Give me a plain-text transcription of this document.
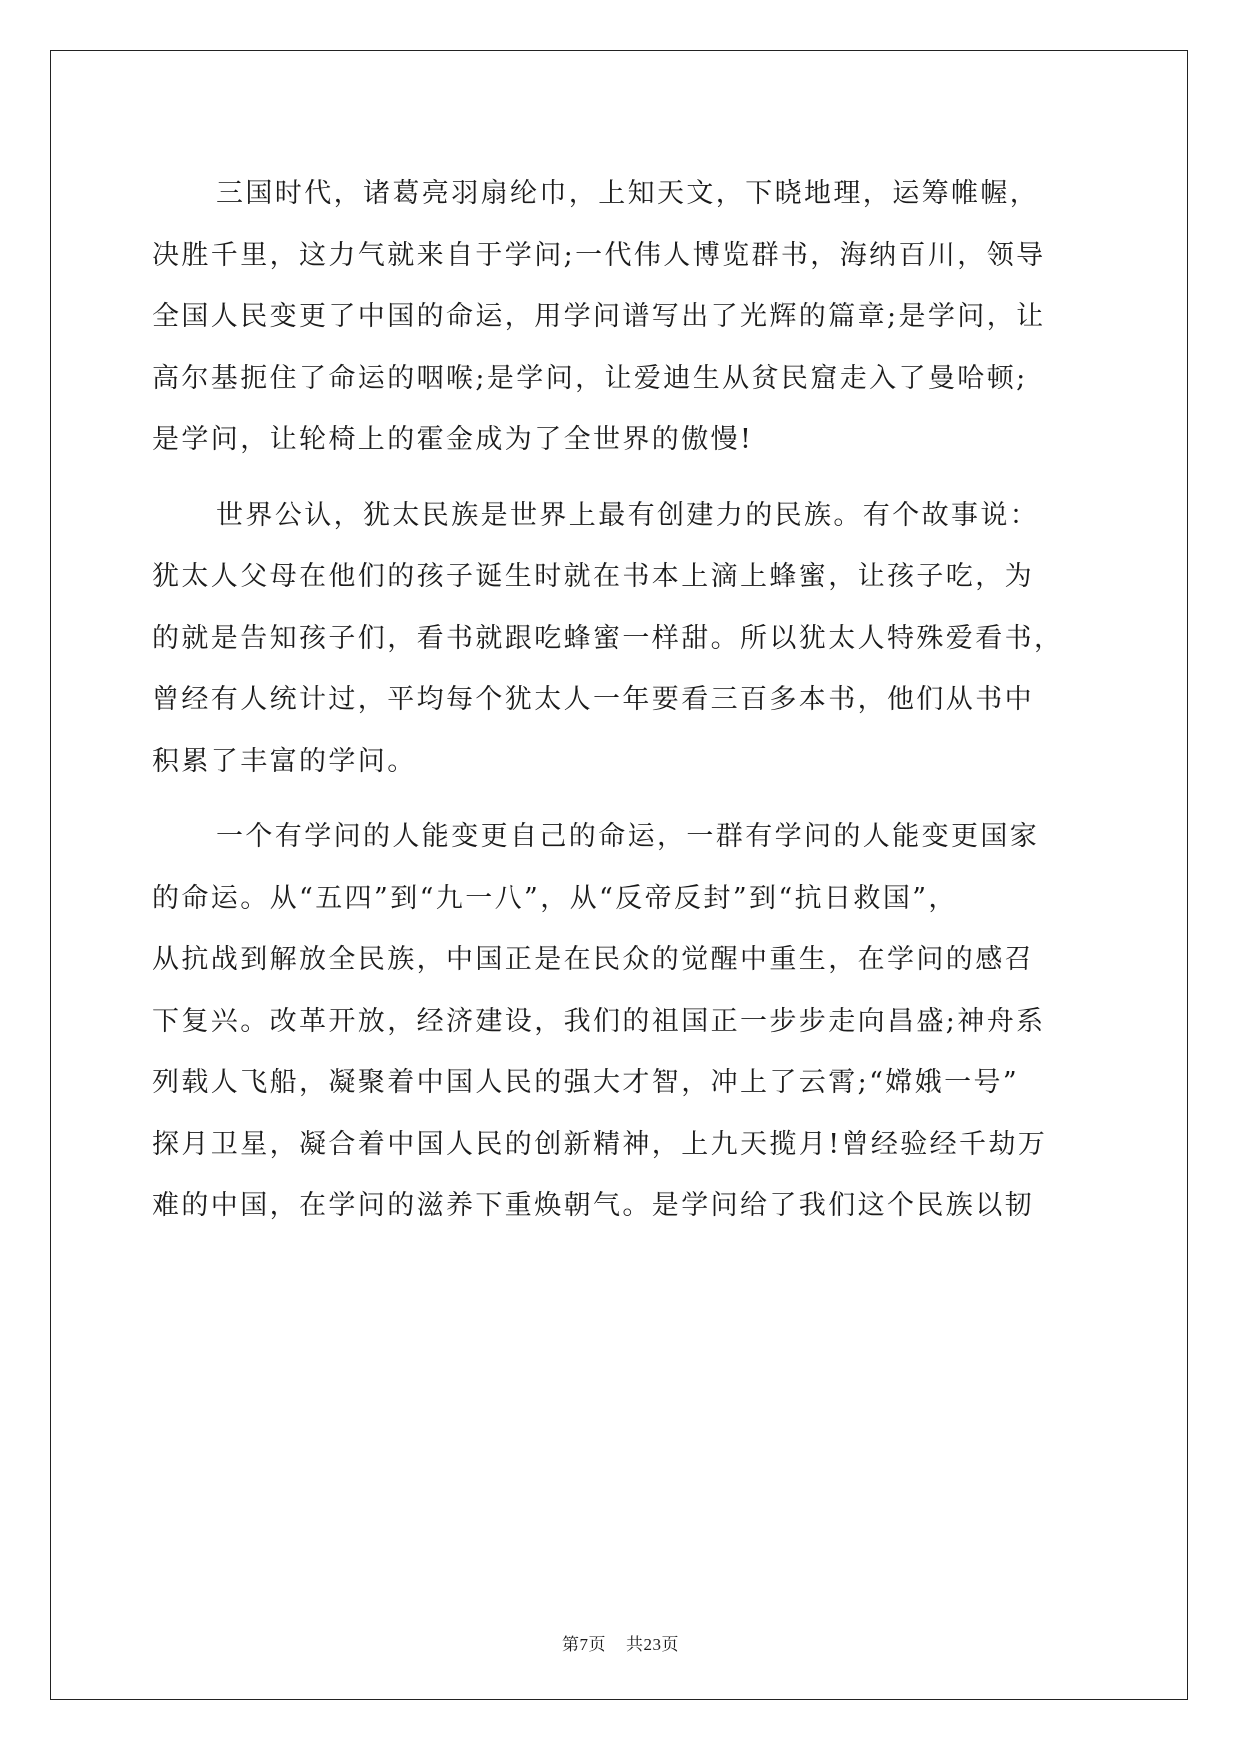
三国时代，诸葛亮羽扇纶巾，上知天文，下晓地理，运筹帷幄，
决胜千里，这力气就来自于学问;一代伟人博览群书，海纳百川，领导
全国人民变更了中国的命运，用学问谱写出了光辉的篇章;是学问，让
高尔基扼住了命运的咽喉;是学问，让爱迪生从贫民窟走入了曼哈顿;
是学问，让轮椅上的霍金成为了全世界的傲慢!
世界公认，犹太民族是世界上最有创建力的民族。有个故事说：
犹太人父母在他们的孩子诞生时就在书本上滴上蜂蜜，让孩子吃，为
的就是告知孩子们，看书就跟吃蜂蜜一样甜。所以犹太人特殊爱看书，
曾经有人统计过，平均每个犹太人一年要看三百多本书，他们从书中
积累了丰富的学问。
一个有学问的人能变更自己的命运，一群有学问的人能变更国家
的命运。从“五四”到“九一八”，从“反帝反封”到“抗日救国”，
从抗战到解放全民族，中国正是在民众的觉醒中重生，在学问的感召
下复兴。改革开放，经济建设，我们的祖国正一步步走向昌盛;神舟系
列载人飞船，凝聚着中国人民的强大才智，冲上了云霄;“嫦娥一号”
探月卫星，凝合着中国人民的创新精神，上九天揽月!曾经验经千劫万
难的中国，在学问的滋养下重焕朝气。是学问给了我们这个民族以韧
第7页 共23页
